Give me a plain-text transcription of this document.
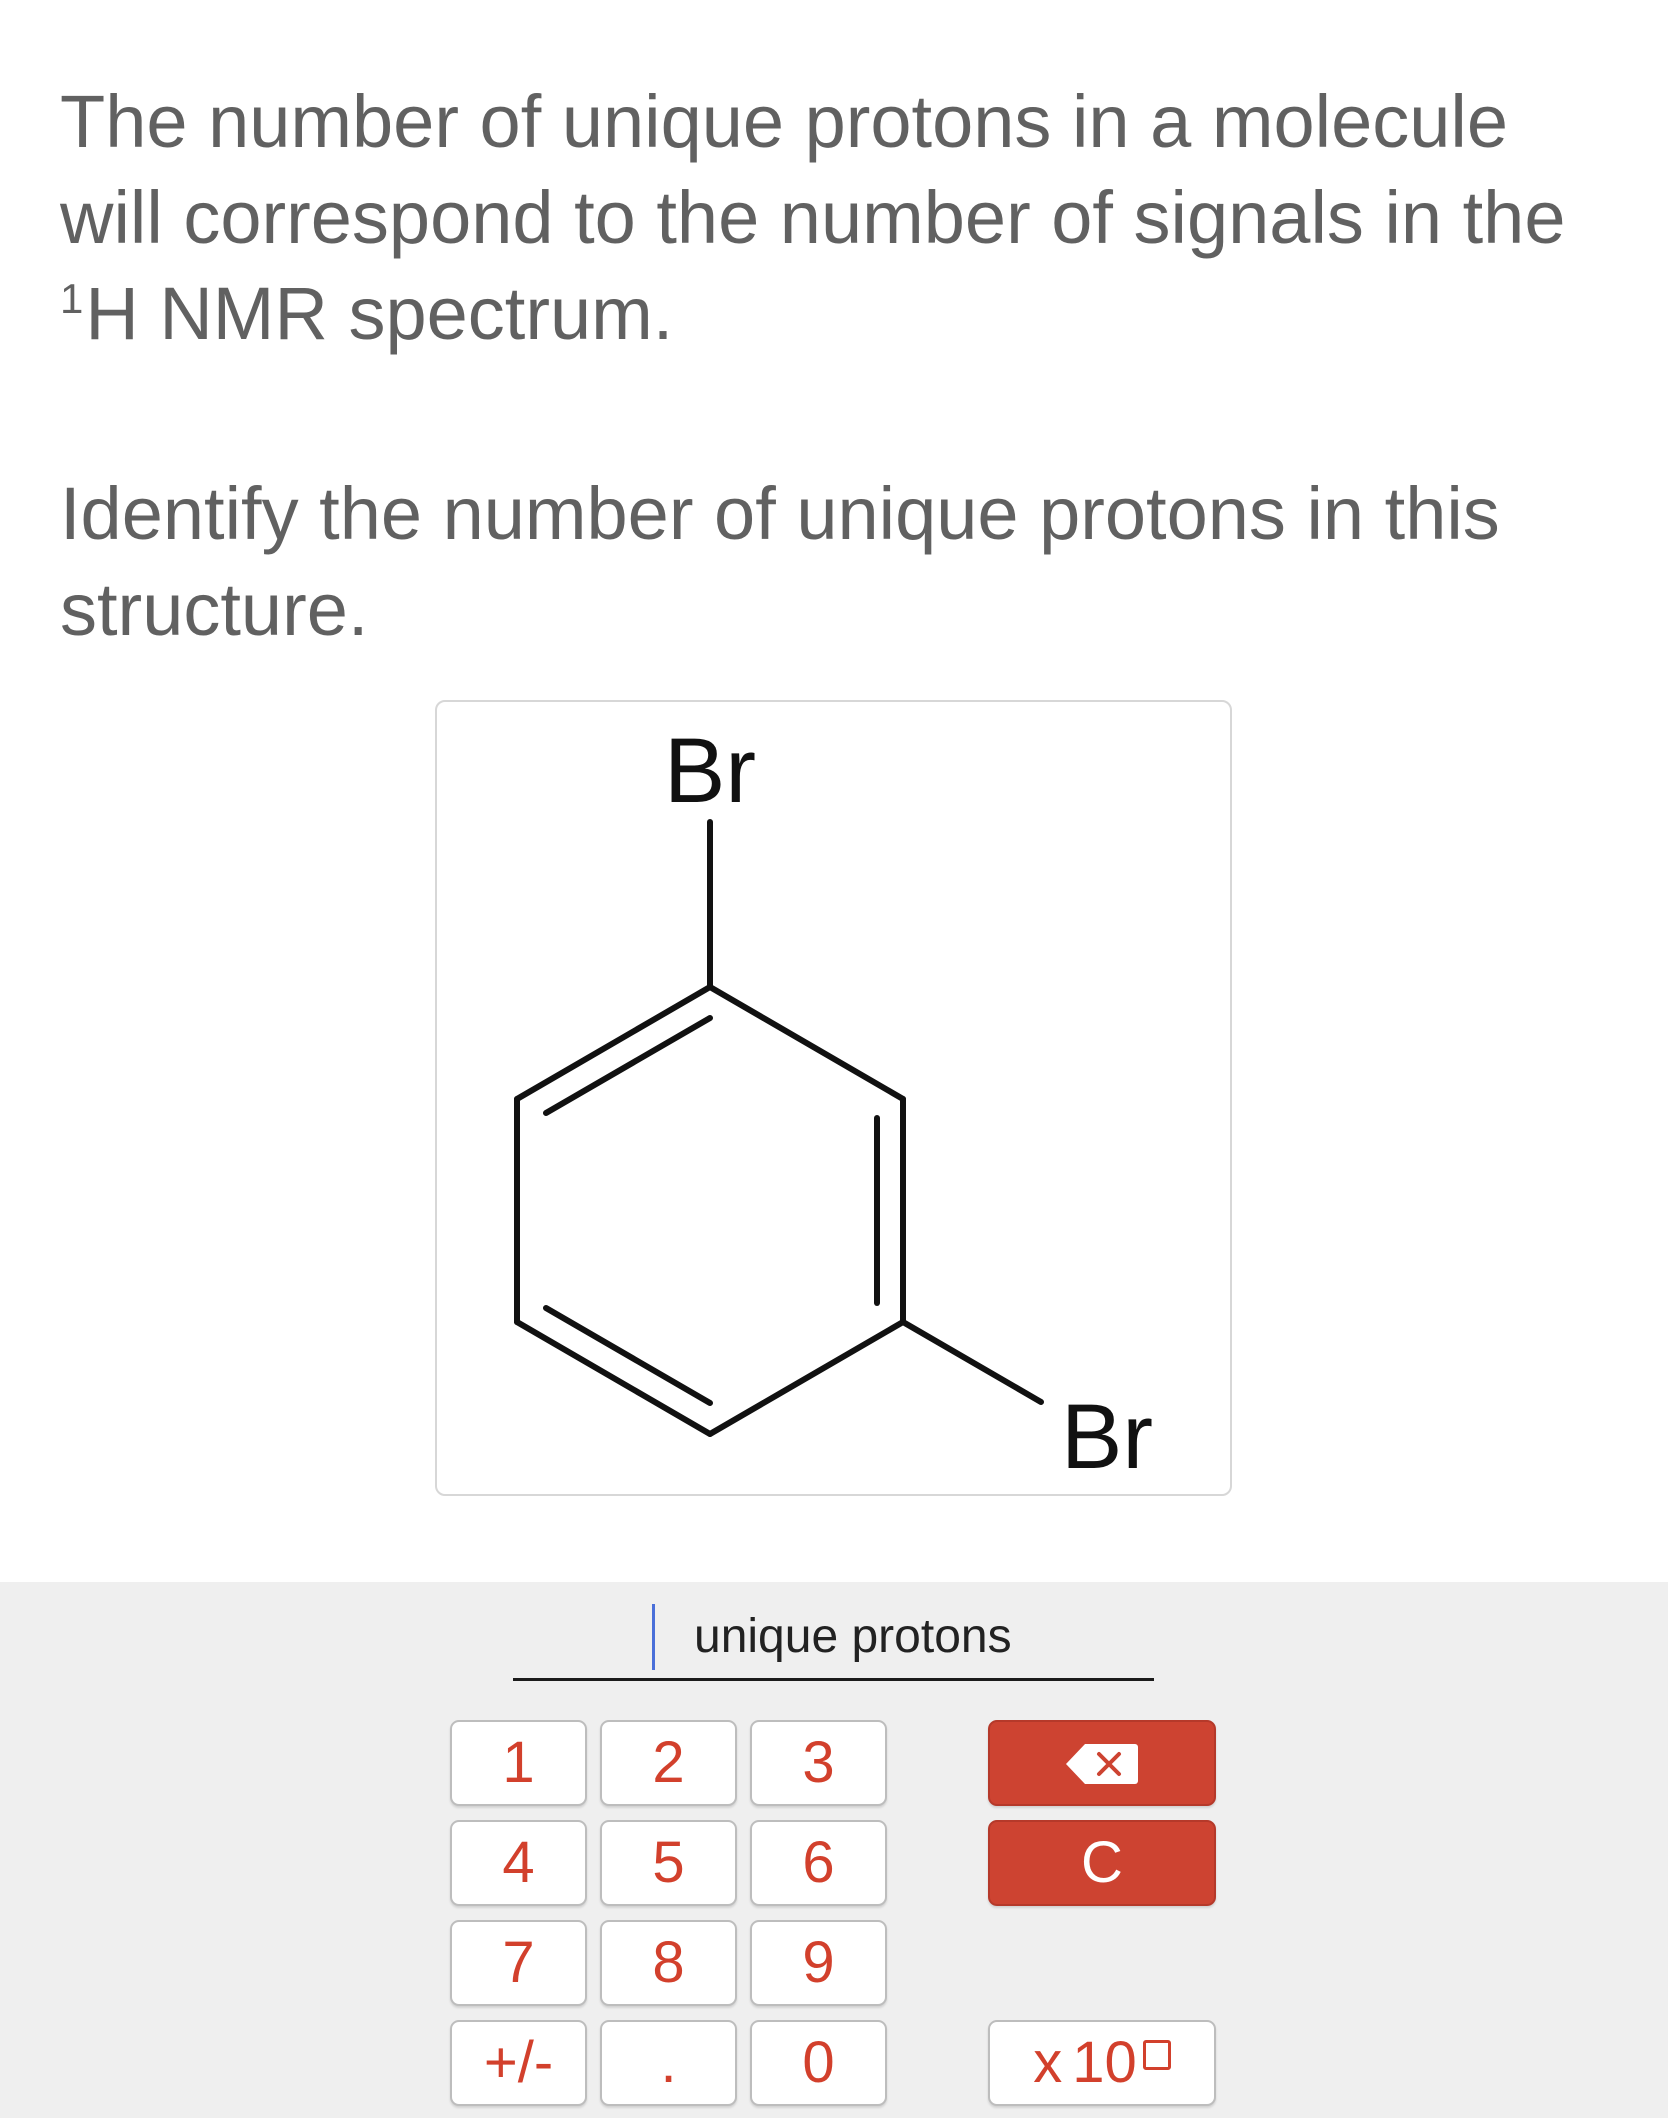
The number of unique protons in a molecule will correspond to the number of signals in the $^1$H NMR spectrum.

Identify the number of unique protons in this structure.

Br
Br
unique protons
1	2	3
4	5	6
7	8	9
+/-	.	0
C
x 10
